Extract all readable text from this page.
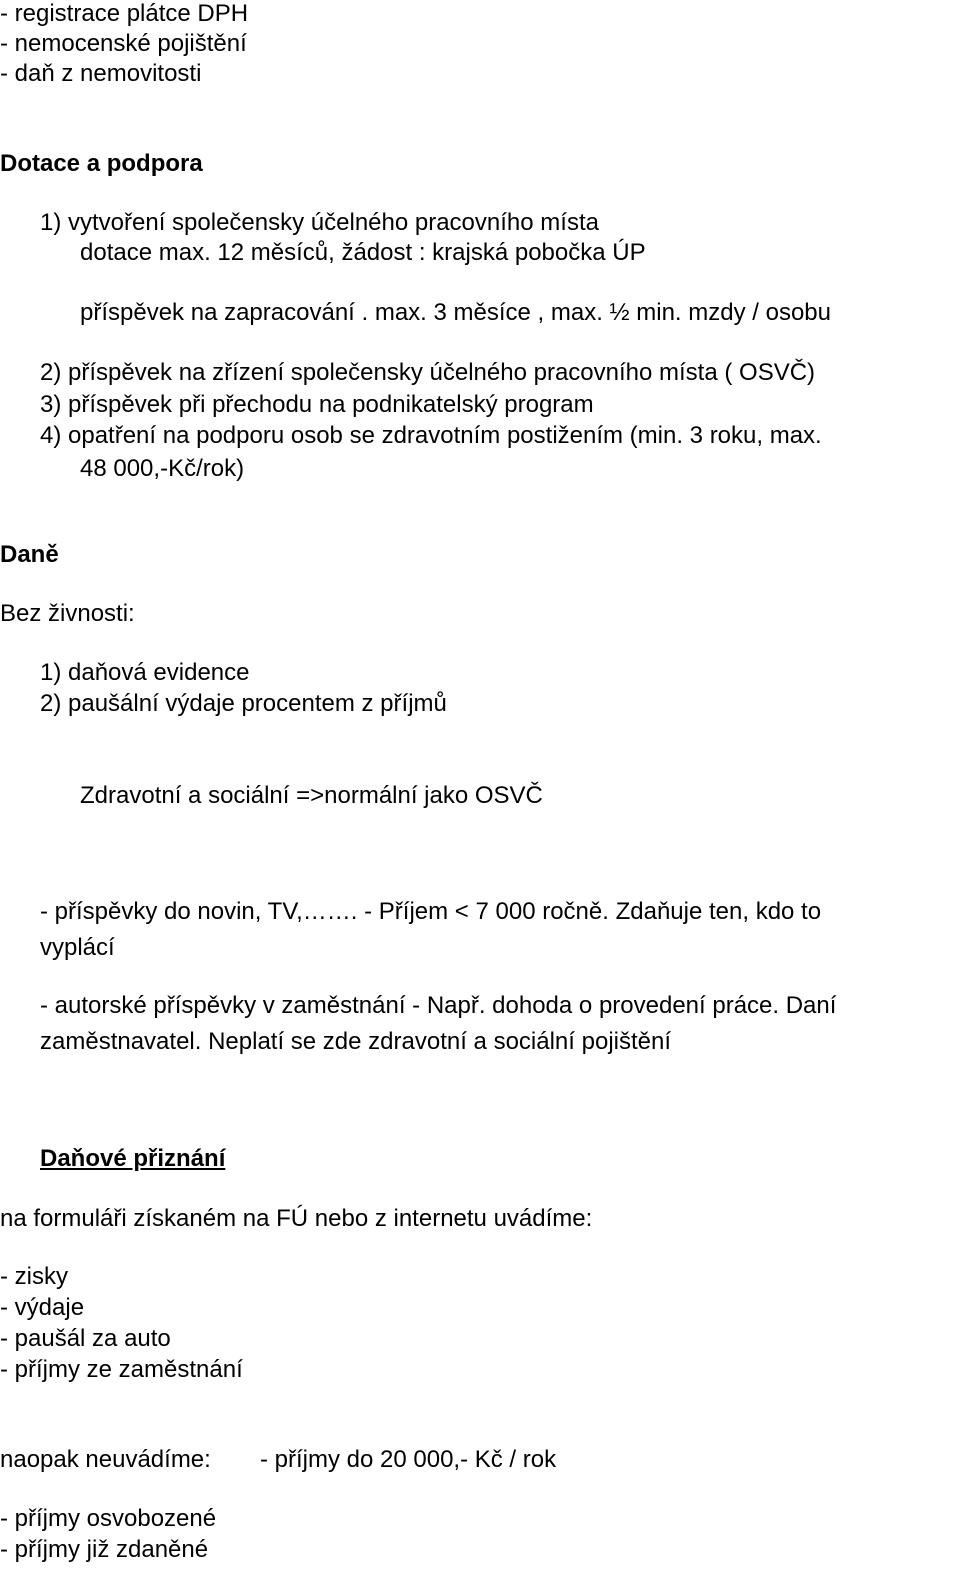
- registrace plátce DPH
- nemocenské pojištění
- daň z nemovitosti
Dotace a podpora
1) vytvoření společensky účelného pracovního místa
dotace max. 12 měsíců, žádost : krajská pobočka ÚP
příspěvek na zapracování . max. 3 měsíce , max. ½ min. mzdy / osobu
2) příspěvek na zřízení společensky účelného pracovního místa ( OSVČ)
3) příspěvek při přechodu na podnikatelský program
4) opatření na podporu osob se zdravotním postižením (min. 3 roku, max.
48 000,-Kč/rok)
Daně
Bez živnosti:
1) daňová evidence
2) paušální výdaje procentem z příjmů
Zdravotní a sociální =>normální jako OSVČ
- příspěvky do novin, TV,……. - Příjem < 7 000 ročně. Zdaňuje ten, kdo to
vyplácí
- autorské příspěvky v zaměstnání - Např. dohoda o provedení práce. Daní
zaměstnavatel. Neplatí se zde zdravotní a sociální pojištění
Daňové přiznání
na formuláři získaném na FÚ nebo z internetu uvádíme:
- zisky
- výdaje
- paušál za auto
- příjmy ze zaměstnání
naopak neuvádíme: - příjmy do 20 000,- Kč / rok
- příjmy osvobozené
- příjmy již zdaněné
